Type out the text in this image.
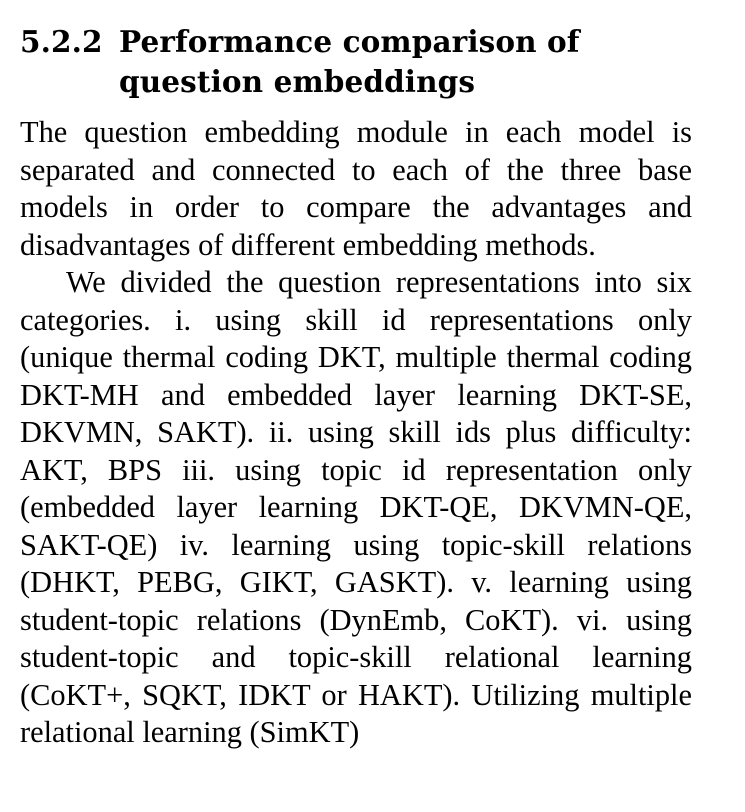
5.2.2 Performance comparison of question embeddings

The question embedding module in each model is separated and connected to each of the three base models in order to compare the advantages and disadvantages of different embedding methods.

We divided the question representations into six categories. i. using skill id representations only (unique thermal coding DKT, multiple thermal coding DKT-MH and embedded layer learning DKT-SE, DKVMN, SAKT). ii. using skill ids plus difficulty: AKT, BPS iii. using topic id representation only (embedded layer learning DKT-QE, DKVMN-QE, SAKT-QE) iv. learning using topic-skill relations (DHKT, PEBG, GIKT, GASKT). v. learning using student-topic relations (DynEmb, CoKT). vi. using student-topic and topic-skill relational learning (CoKT+, SQKT, IDKT or HAKT). Utilizing multiple relational learning (SimKT)
